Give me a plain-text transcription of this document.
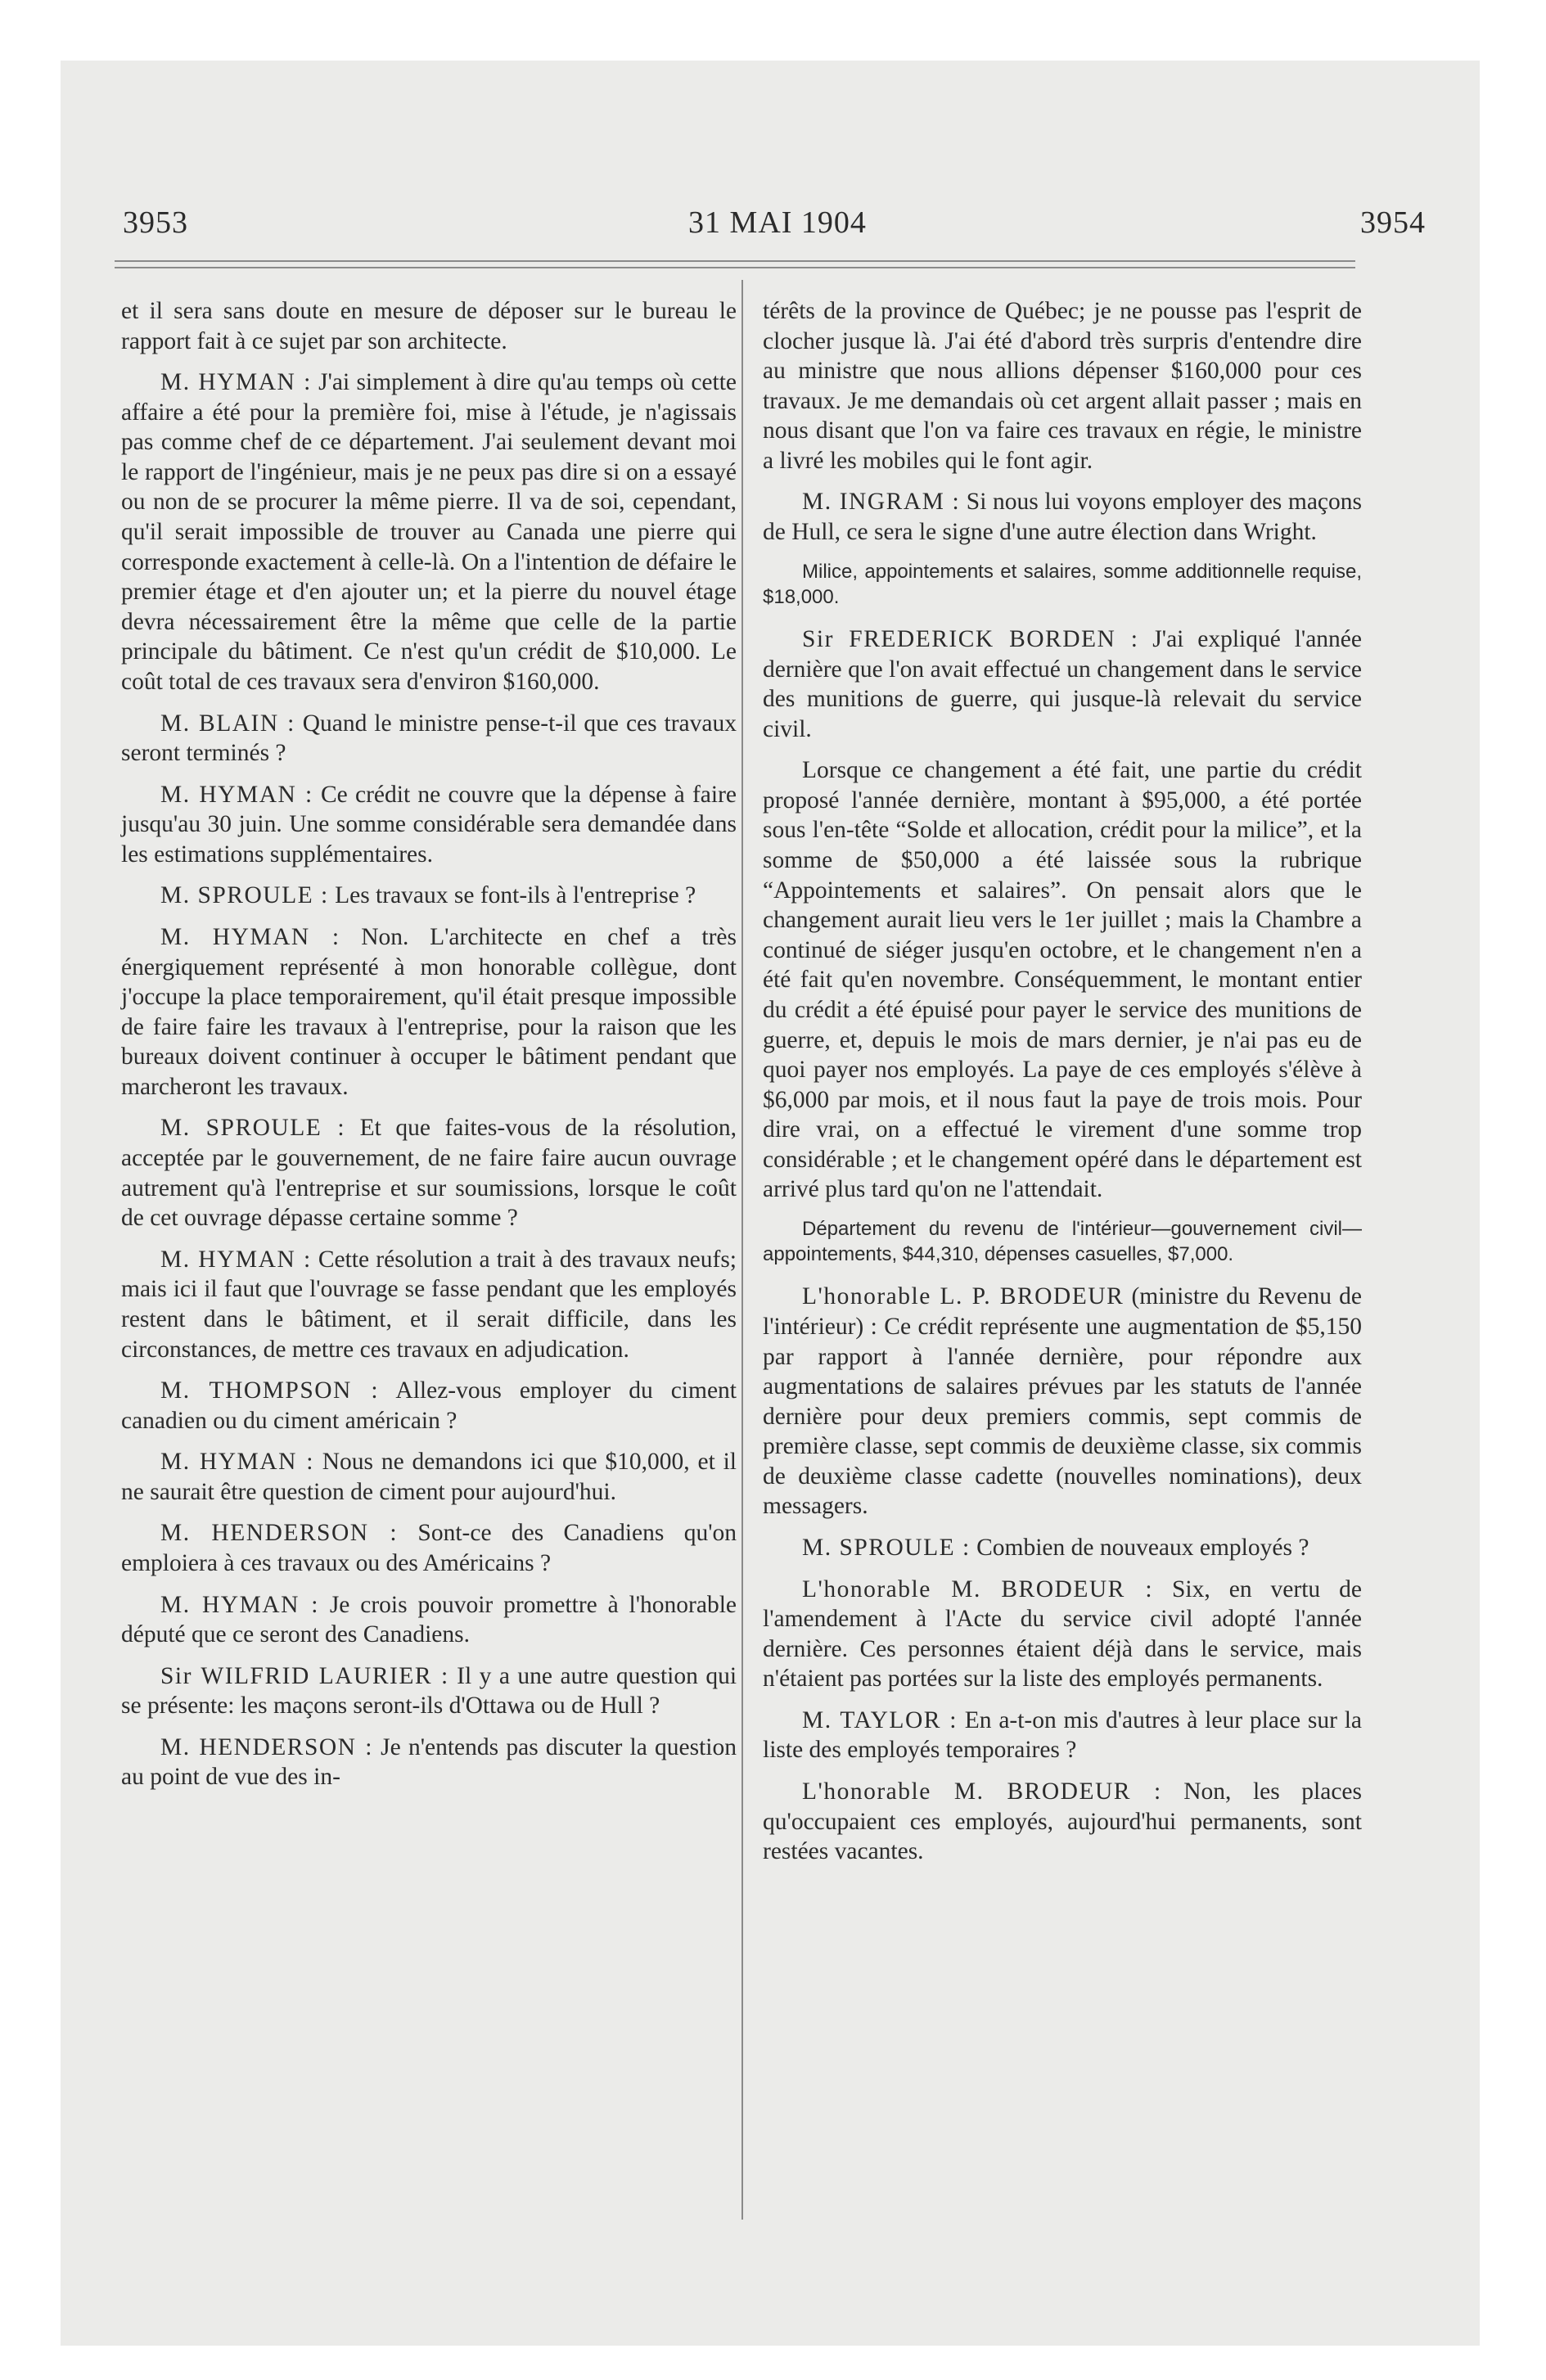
3953	31 MAI 1904	3954

et il sera sans doute en mesure de déposer sur le bureau le rapport fait à ce sujet par son architecte.

M. HYMAN : J'ai simplement à dire qu'au temps où cette affaire a été pour la première foi, mise à l'étude, je n'agissais pas comme chef de ce département. J'ai seulement devant moi le rapport de l'ingénieur, mais je ne peux pas dire si on a essayé ou non de se procurer la même pierre. Il va de soi, cependant, qu'il serait impossible de trouver au Canada une pierre qui corresponde exactement à celle-là. On a l'intention de défaire le premier étage et d'en ajouter un; et la pierre du nouvel étage devra nécessairement être la même que celle de la partie principale du bâtiment. Ce n'est qu'un crédit de $10,000. Le coût total de ces travaux sera d'environ $160,000.

M. BLAIN : Quand le ministre pense-t-il que ces travaux seront terminés ?

M. HYMAN : Ce crédit ne couvre que la dépense à faire jusqu'au 30 juin. Une somme considérable sera demandée dans les estimations supplémentaires.

M. SPROULE : Les travaux se font-ils à l'entreprise ?

M. HYMAN : Non. L'architecte en chef a très énergiquement représenté à mon honorable collègue, dont j'occupe la place temporairement, qu'il était presque impossible de faire faire les travaux à l'entreprise, pour la raison que les bureaux doivent continuer à occuper le bâtiment pendant que marcheront les travaux.

M. SPROULE : Et que faites-vous de la résolution, acceptée par le gouvernement, de ne faire faire aucun ouvrage autrement qu'à l'entreprise et sur soumissions, lorsque le coût de cet ouvrage dépasse certaine somme ?

M. HYMAN : Cette résolution a trait à des travaux neufs; mais ici il faut que l'ouvrage se fasse pendant que les employés restent dans le bâtiment, et il serait difficile, dans les circonstances, de mettre ces travaux en adjudication.

M. THOMPSON : Allez-vous employer du ciment canadien ou du ciment américain ?

M. HYMAN : Nous ne demandons ici que $10,000, et il ne saurait être question de ciment pour aujourd'hui.

M. HENDERSON : Sont-ce des Canadiens qu'on emploiera à ces travaux ou des Américains ?

M. HYMAN : Je crois pouvoir promettre à l'honorable député que ce seront des Canadiens.

Sir WILFRID LAURIER : Il y a une autre question qui se présente: les maçons seront-ils d'Ottawa ou de Hull ?

M. HENDERSON : Je n'entends pas discuter la question au point de vue des in-

térêts de la province de Québec; je ne pousse pas l'esprit de clocher jusque là. J'ai été d'abord très surpris d'entendre dire au ministre que nous allions dépenser $160,000 pour ces travaux. Je me demandais où cet argent allait passer ; mais en nous disant que l'on va faire ces travaux en régie, le ministre a livré les mobiles qui le font agir.

M. INGRAM : Si nous lui voyons employer des maçons de Hull, ce sera le signe d'une autre élection dans Wright.

Milice, appointements et salaires, somme additionnelle requise, $18,000.

Sir FREDERICK BORDEN : J'ai expliqué l'année dernière que l'on avait effectué un changement dans le service des munitions de guerre, qui jusque-là relevait du service civil.

Lorsque ce changement a été fait, une partie du crédit proposé l'année dernière, montant à $95,000, a été portée sous l'en-tête “Solde et allocation, crédit pour la milice”, et la somme de $50,000 a été laissée sous la rubrique “Appointements et salaires”. On pensait alors que le changement aurait lieu vers le 1er juillet ; mais la Chambre a continué de siéger jusqu'en octobre, et le changement n'en a été fait qu'en novembre. Conséquemment, le montant entier du crédit a été épuisé pour payer le service des munitions de guerre, et, depuis le mois de mars dernier, je n'ai pas eu de quoi payer nos employés. La paye de ces employés s'élève à $6,000 par mois, et il nous faut la paye de trois mois. Pour dire vrai, on a effectué le virement d'une somme trop considérable ; et le changement opéré dans le département est arrivé plus tard qu'on ne l'attendait.

Département du revenu de l'intérieur—gouvernement civil—appointements, $44,310, dépenses casuelles, $7,000.

L'honorable L. P. BRODEUR (ministre du Revenu de l'intérieur) : Ce crédit représente une augmentation de $5,150 par rapport à l'année dernière, pour répondre aux augmentations de salaires prévues par les statuts de l'année dernière pour deux premiers commis, sept commis de première classe, sept commis de deuxième classe, six commis de deuxième classe cadette (nouvelles nominations), deux messagers.

M. SPROULE : Combien de nouveaux employés ?

L'honorable M. BRODEUR : Six, en vertu de l'amendement à l'Acte du service civil adopté l'année dernière. Ces personnes étaient déjà dans le service, mais n'étaient pas portées sur la liste des employés permanents.

M. TAYLOR : En a-t-on mis d'autres à leur place sur la liste des employés temporaires ?

L'honorable M. BRODEUR : Non, les places qu'occupaient ces employés, aujourd'hui permanents, sont restées vacantes.
